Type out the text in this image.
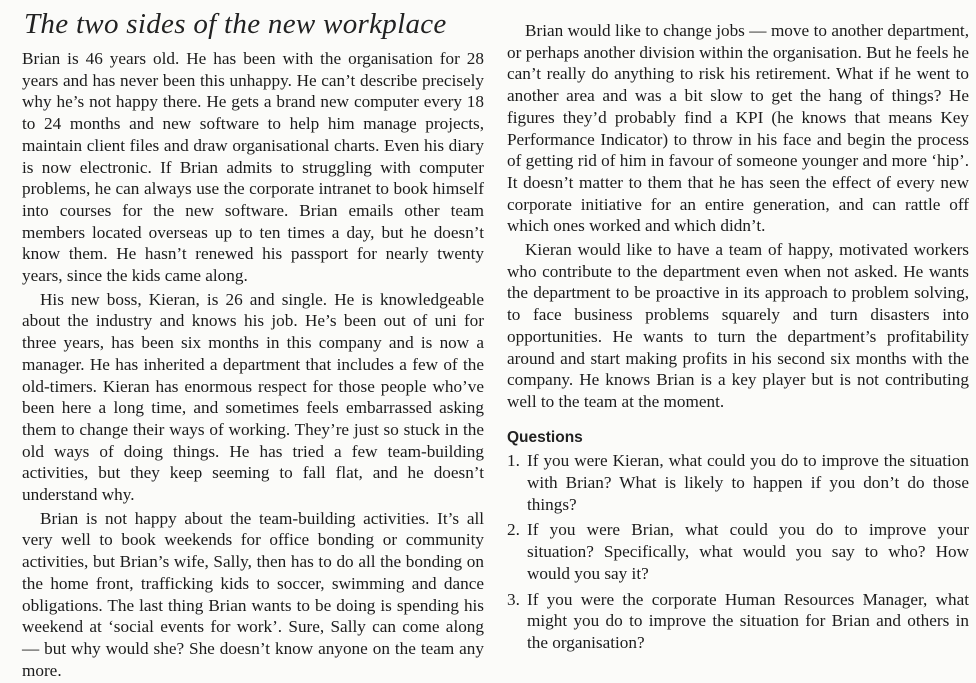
The two sides of the new workplace

Brian is 46 years old. He has been with the organisation for 28 years and has never been this unhappy. He can’t describe precisely why he’s not happy there. He gets a brand new computer every 18 to 24 months and new software to help him manage projects, maintain client files and draw organisational charts. Even his diary is now electronic. If Brian admits to struggling with computer problems, he can always use the corporate intranet to book himself into courses for the new software. Brian emails other team members located overseas up to ten times a day, but he doesn’t know them. He hasn’t renewed his passport for nearly twenty years, since the kids came along.

His new boss, Kieran, is 26 and single. He is knowledgeable about the industry and knows his job. He’s been out of uni for three years, has been six months in this company and is now a manager. He has inherited a department that includes a few of the old-timers. Kieran has enormous respect for those people who’ve been here a long time, and sometimes feels embarrassed asking them to change their ways of working. They’re just so stuck in the old ways of doing things. He has tried a few team-building activities, but they keep seeming to fall flat, and he doesn’t understand why.

Brian is not happy about the team-building activities. It’s all very well to book weekends for office bonding or community activities, but Brian’s wife, Sally, then has to do all the bonding on the home front, trafficking kids to soccer, swimming and dance obligations. The last thing Brian wants to be doing is spending his weekend at ‘social events for work’. Sure, Sally can come along — but why would she? She doesn’t know anyone on the team any more.

Brian would like to change jobs — move to another department, or perhaps another division within the organisation. But he feels he can’t really do anything to risk his retirement. What if he went to another area and was a bit slow to get the hang of things? He figures they’d probably find a KPI (he knows that means Key Performance Indicator) to throw in his face and begin the process of getting rid of him in favour of someone younger and more ‘hip’. It doesn’t matter to them that he has seen the effect of every new corporate initiative for an entire generation, and can rattle off which ones worked and which didn’t.

Kieran would like to have a team of happy, motivated workers who contribute to the department even when not asked. He wants the department to be proactive in its approach to problem solving, to face business problems squarely and turn disasters into opportunities. He wants to turn the department’s profitability around and start making profits in his second six months with the company. He knows Brian is a key player but is not contributing well to the team at the moment.

Questions
1. If you were Kieran, what could you do to improve the situation with Brian? What is likely to happen if you don’t do those things?
2. If you were Brian, what could you do to improve your situation? Specifically, what would you say to who? How would you say it?
3. If you were the corporate Human Resources Manager, what might you do to improve the situation for Brian and others in the organisation?
